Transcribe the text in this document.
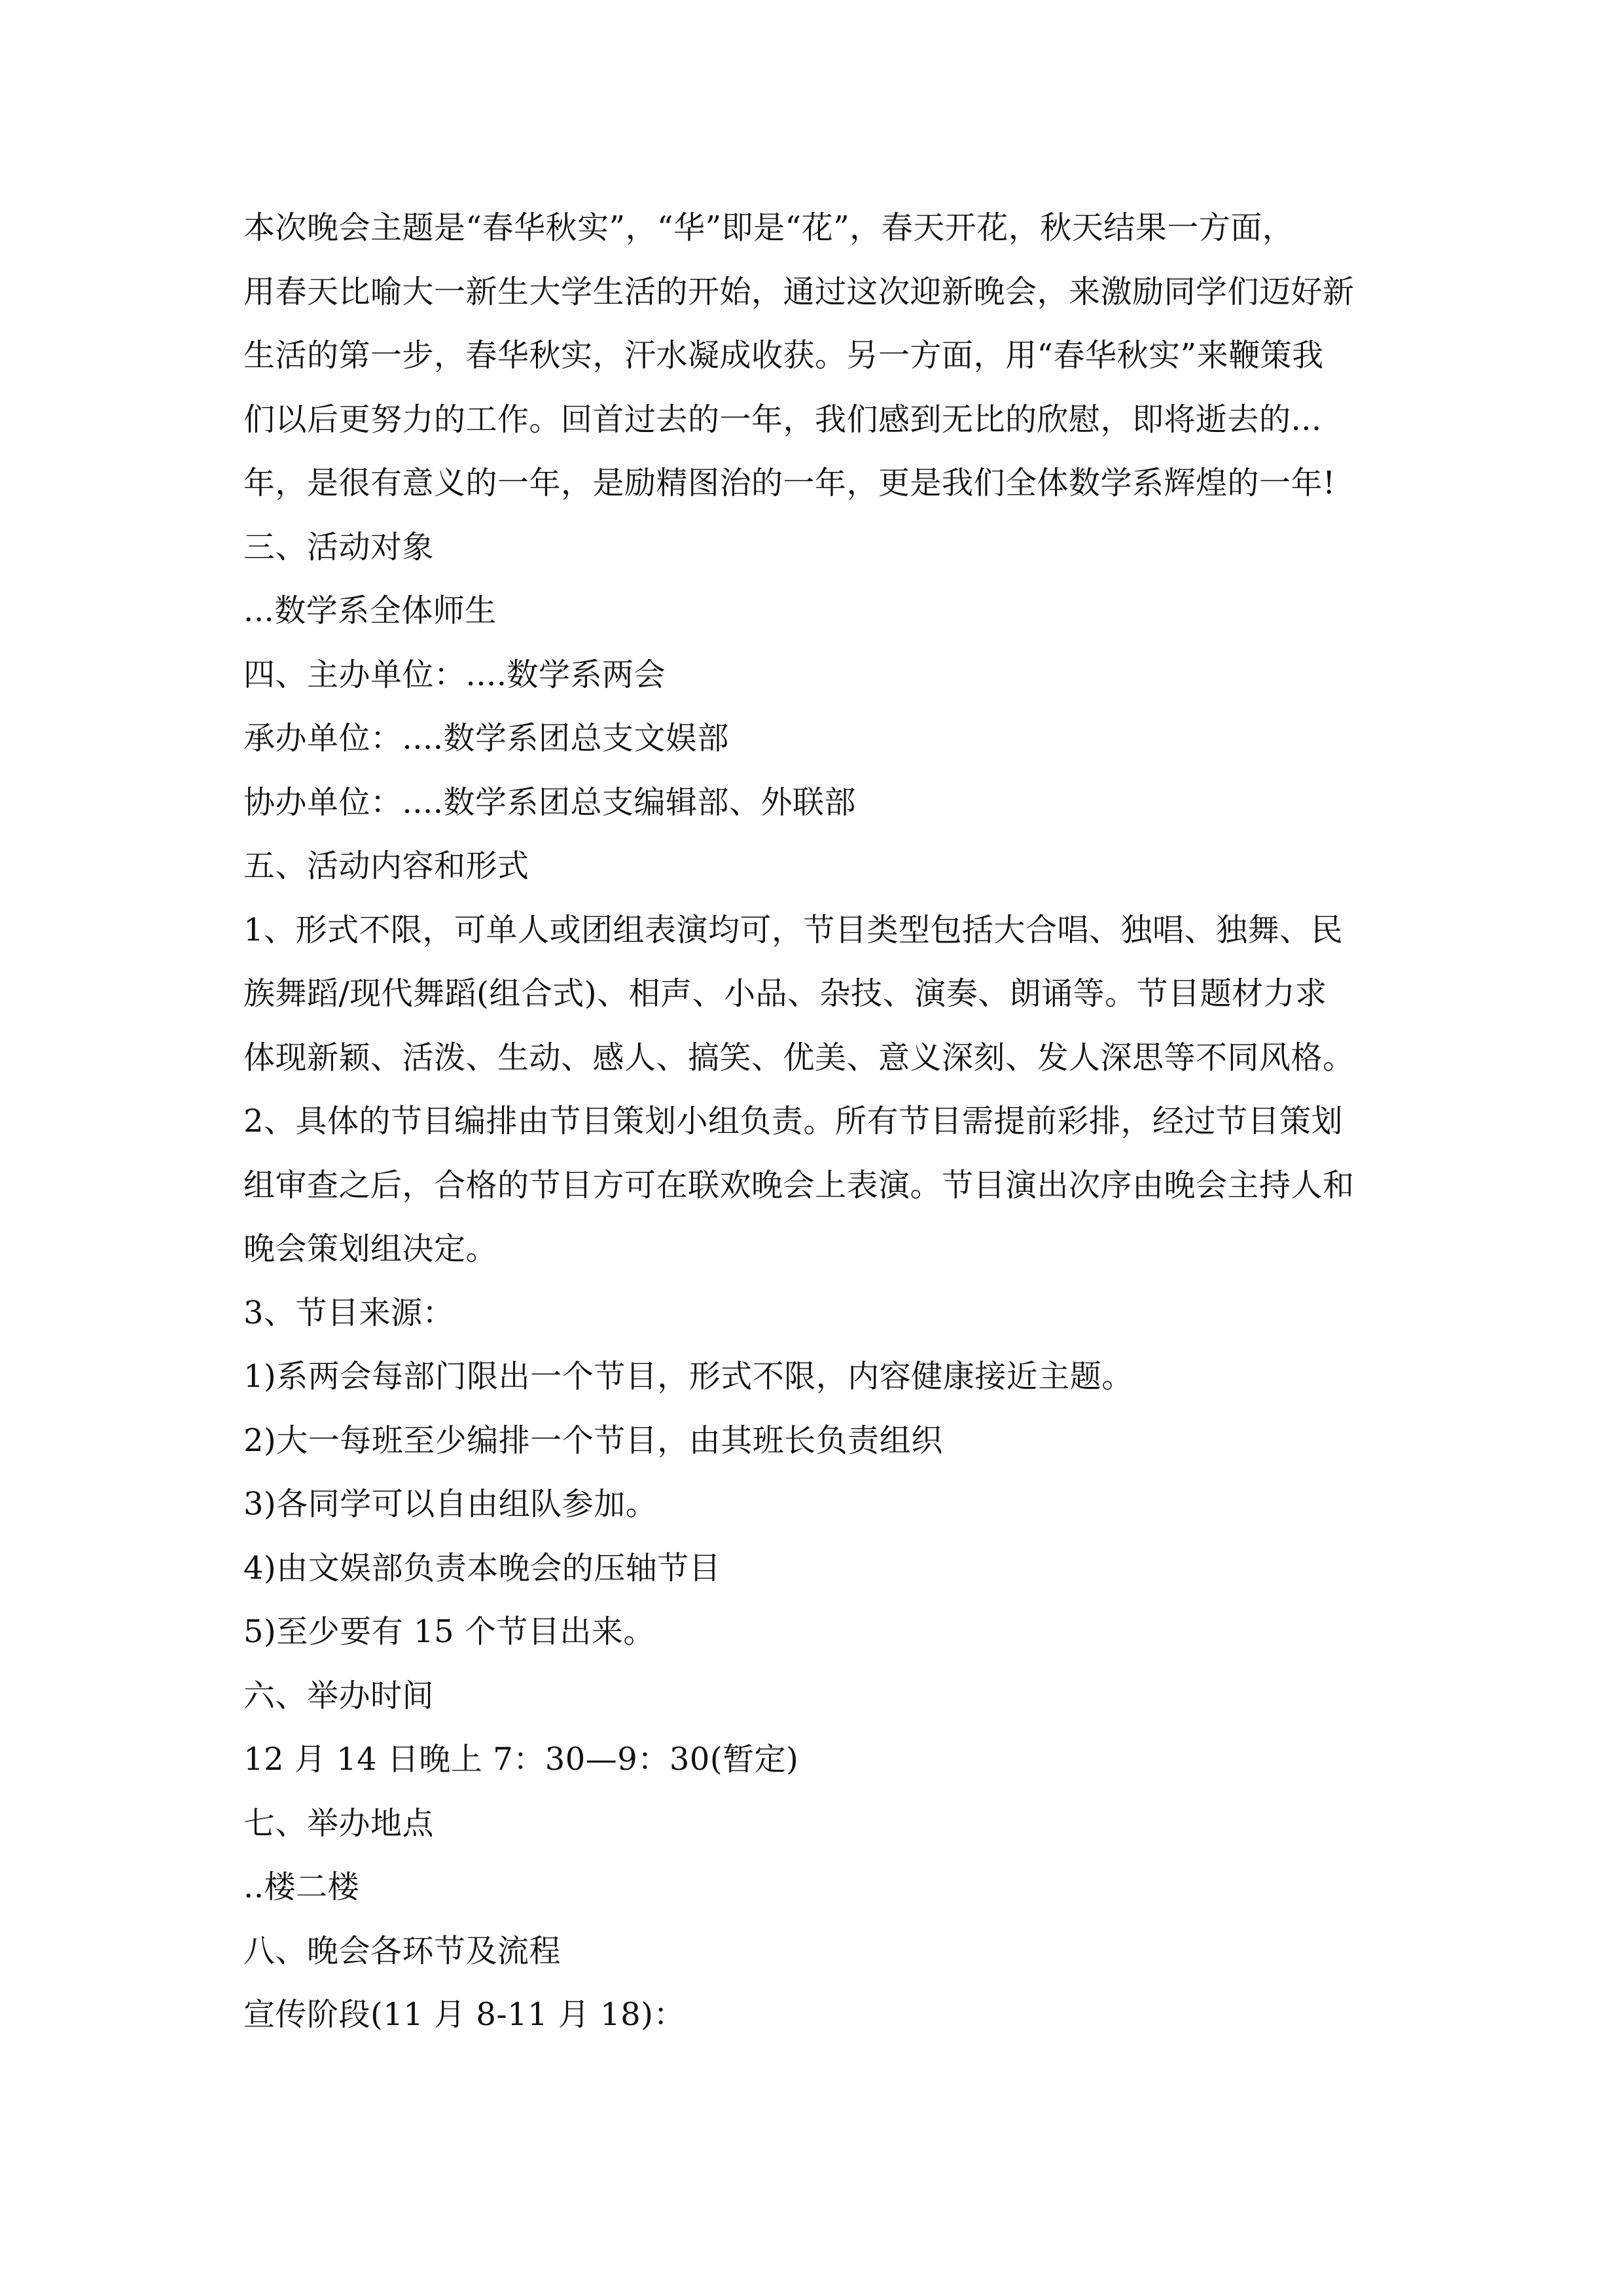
本次晚会主题是“春华秋实”，“华”即是“花”，春天开花，秋天结果一方面，

用春天比喻大一新生大学生活的开始，通过这次迎新晚会，来激励同学们迈好新

生活的第一步，春华秋实，汗水凝成收获。另一方面，用“春华秋实”来鞭策我

们以后更努力的工作。回首过去的一年，我们感到无比的欣慰，即将逝去的...

年，是很有意义的一年，是励精图治的一年，更是我们全体数学系辉煌的一年!

三、活动对象

...数学系全体师生

四、主办单位：....数学系两会

承办单位：....数学系团总支文娱部

协办单位：....数学系团总支编辑部、外联部

五、活动内容和形式

1、形式不限，可单人或团组表演均可，节目类型包括大合唱、独唱、独舞、民

族舞蹈/现代舞蹈(组合式)、相声、小品、杂技、演奏、朗诵等。节目题材力求

体现新颖、活泼、生动、感人、搞笑、优美、意义深刻、发人深思等不同风格。

2、具体的节目编排由节目策划小组负责。所有节目需提前彩排，经过节目策划

组审查之后，合格的节目方可在联欢晚会上表演。节目演出次序由晚会主持人和

晚会策划组决定。

3、节目来源：

1)系两会每部门限出一个节目，形式不限，内容健康接近主题。

2)大一每班至少编排一个节目，由其班长负责组织

3)各同学可以自由组队参加。

4)由文娱部负责本晚会的压轴节目

5)至少要有 15 个节目出来。

六、举办时间

12 月 14 日晚上 7：30—9：30(暂定)

七、举办地点

..楼二楼

八、晚会各环节及流程

宣传阶段(11 月 8-11 月 18)：
